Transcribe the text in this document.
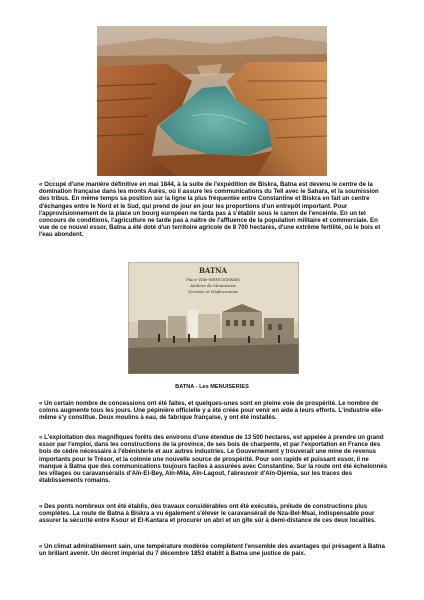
« Occupé d'une manière définitive en mai 1844, à la suite de l'expédition de Biskra, Batna est devenu le centre de la domination française dans les monts Aurès, où il assure les communications du Tell avec le Sahara, et la soumission des tribus. En même temps sa position sur la ligne la plus fréquentée entre Constantine et Biskra en fait un centre d'échanges entre le Nord et le Sud, qui prend de jour en jour les proportions d'un entrepôt important. Pour l'approvisionnement de la place un bourg européen ne tarda pas à s'établir sous le canon de l'enceinte. En un tel concours de conditions, l'agriculture ne tarde pas à naître de l'affluence de la population militaire et commerciale. En vue de ce nouvel essor, Batna a été doté d'un territoire agricole de 8 700 hectares, d'une extrême fertilité, où le bois et l'eau abondent.

BATNA
Place Ville-MENUISERIES
Ateliers de Menuiserie
Scieries et Déplacement

BATNA - Les MENUISERIES

« Un certain nombre de concessions ont été faites, et quelques-unes sont en pleine voie de prospérité. Le nombre de colons augmente tous les jours. Une pépinière officielle y a été créée pour venir en aide à leurs efforts. L'industrie elle-même s'y constitue. Deux moulins à eau, de fabrique française, y ont été installés.

« L'exploitation des magnifiques forêts des environs d'une étendue de 13 500 hectares, est appelée à prendre un grand essor par l'emploi, dans les constructions de la province, de ses bois de charpente, et par l'exportation en France des bois de cèdre nécessaire à l'ébénisterie et aux autres industries. Le Gouvernement y trouverait une mine de revenus importants pour le Trésor, et la colonie une nouvelle source de prospérité. Pour son rapide et puissant essor, il ne manque à Batna que des communications toujours faciles à assurées avec Constantine. Sur la route ont été échelonnés les villages ou caravansérails d'Aïn-El-Bey, Aïn-Mila, Aïn-Lagout, l'abreuvoir d'Aïn-Djemia, sur les traces des établissements romains.

« Des ponts nombreux ont été établis, des travaux considérables ont été exécutés, prélude de constructions plus complètes. La route de Batna à Biskra a vu également s'élever le caravansérail de Nza-Bel-Msai, indispensable pour assurer la sécurité entre Ksour et El-Kantara et procurer un abri et un gîte sûr à demi-distance de ces deux localités.

« Un climat admirablement sain, une température modérée complètent l'ensemble des avantages qui présagent à Batna un brillant avenir. Un décret impérial du 7 décembre 1853 établit à Batna une justice de paix.
